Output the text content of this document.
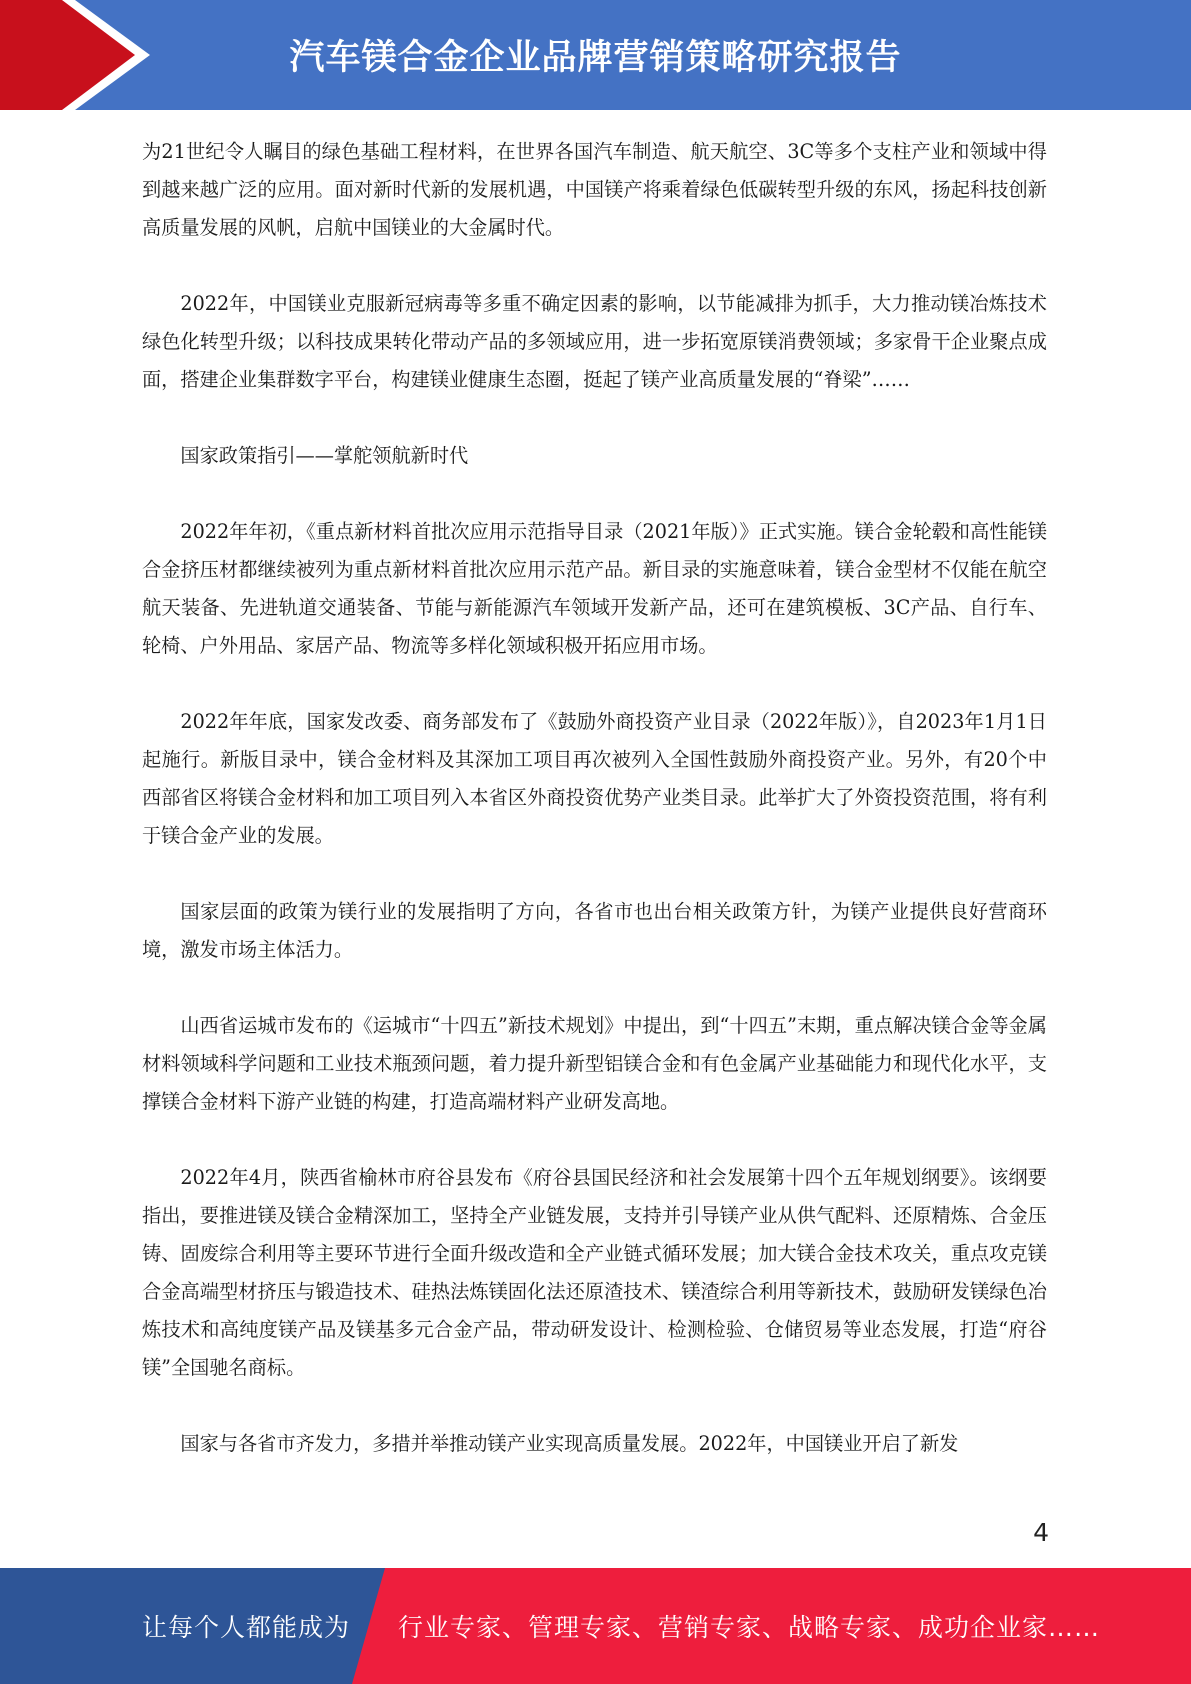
汽车镁合金企业品牌营销策略研究报告

为21世纪令人瞩目的绿色基础工程材料，在世界各国汽车制造、航天航空、3C等多个支柱产业和领域中得到越来越广泛的应用。面对新时代新的发展机遇，中国镁产将乘着绿色低碳转型升级的东风，扬起科技创新高质量发展的风帆，启航中国镁业的大金属时代。

2022年，中国镁业克服新冠病毒等多重不确定因素的影响，以节能减排为抓手，大力推动镁冶炼技术绿色化转型升级；以科技成果转化带动产品的多领域应用，进一步拓宽原镁消费领域；多家骨干企业聚点成面，搭建企业集群数字平台，构建镁业健康生态圈，挺起了镁产业高质量发展的“脊梁”……

国家政策指引——掌舵领航新时代

2022年年初，《重点新材料首批次应用示范指导目录（2021年版）》正式实施。镁合金轮毂和高性能镁合金挤压材都继续被列为重点新材料首批次应用示范产品。新目录的实施意味着，镁合金型材不仅能在航空航天装备、先进轨道交通装备、节能与新能源汽车领域开发新产品，还可在建筑模板、3C产品、自行车、轮椅、户外用品、家居产品、物流等多样化领域积极开拓应用市场。

2022年年底，国家发改委、商务部发布了《鼓励外商投资产业目录（2022年版）》，自2023年1月1日起施行。新版目录中，镁合金材料及其深加工项目再次被列入全国性鼓励外商投资产业。另外，有20个中西部省区将镁合金材料和加工项目列入本省区外商投资优势产业类目录。此举扩大了外资投资范围，将有利于镁合金产业的发展。

国家层面的政策为镁行业的发展指明了方向，各省市也出台相关政策方针，为镁产业提供良好营商环境，激发市场主体活力。

山西省运城市发布的《运城市“十四五”新技术规划》中提出，到“十四五”末期，重点解决镁合金等金属材料领域科学问题和工业技术瓶颈问题，着力提升新型铝镁合金和有色金属产业基础能力和现代化水平，支撑镁合金材料下游产业链的构建，打造高端材料产业研发高地。

2022年4月，陕西省榆林市府谷县发布《府谷县国民经济和社会发展第十四个五年规划纲要》。该纲要指出，要推进镁及镁合金精深加工，坚持全产业链发展，支持并引导镁产业从供气配料、还原精炼、合金压铸、固废综合利用等主要环节进行全面升级改造和全产业链式循环发展；加大镁合金技术攻关，重点攻克镁合金高端型材挤压与锻造技术、硅热法炼镁固化法还原渣技术、镁渣综合利用等新技术，鼓励研发镁绿色冶炼技术和高纯度镁产品及镁基多元合金产品，带动研发设计、检测检验、仓储贸易等业态发展，打造“府谷镁”全国驰名商标。

国家与各省市齐发力，多措并举推动镁产业实现高质量发展。2022年，中国镁业开启了新发

4
让每个人都能成为 行业专家、管理专家、营销专家、战略专家、成功企业家……
